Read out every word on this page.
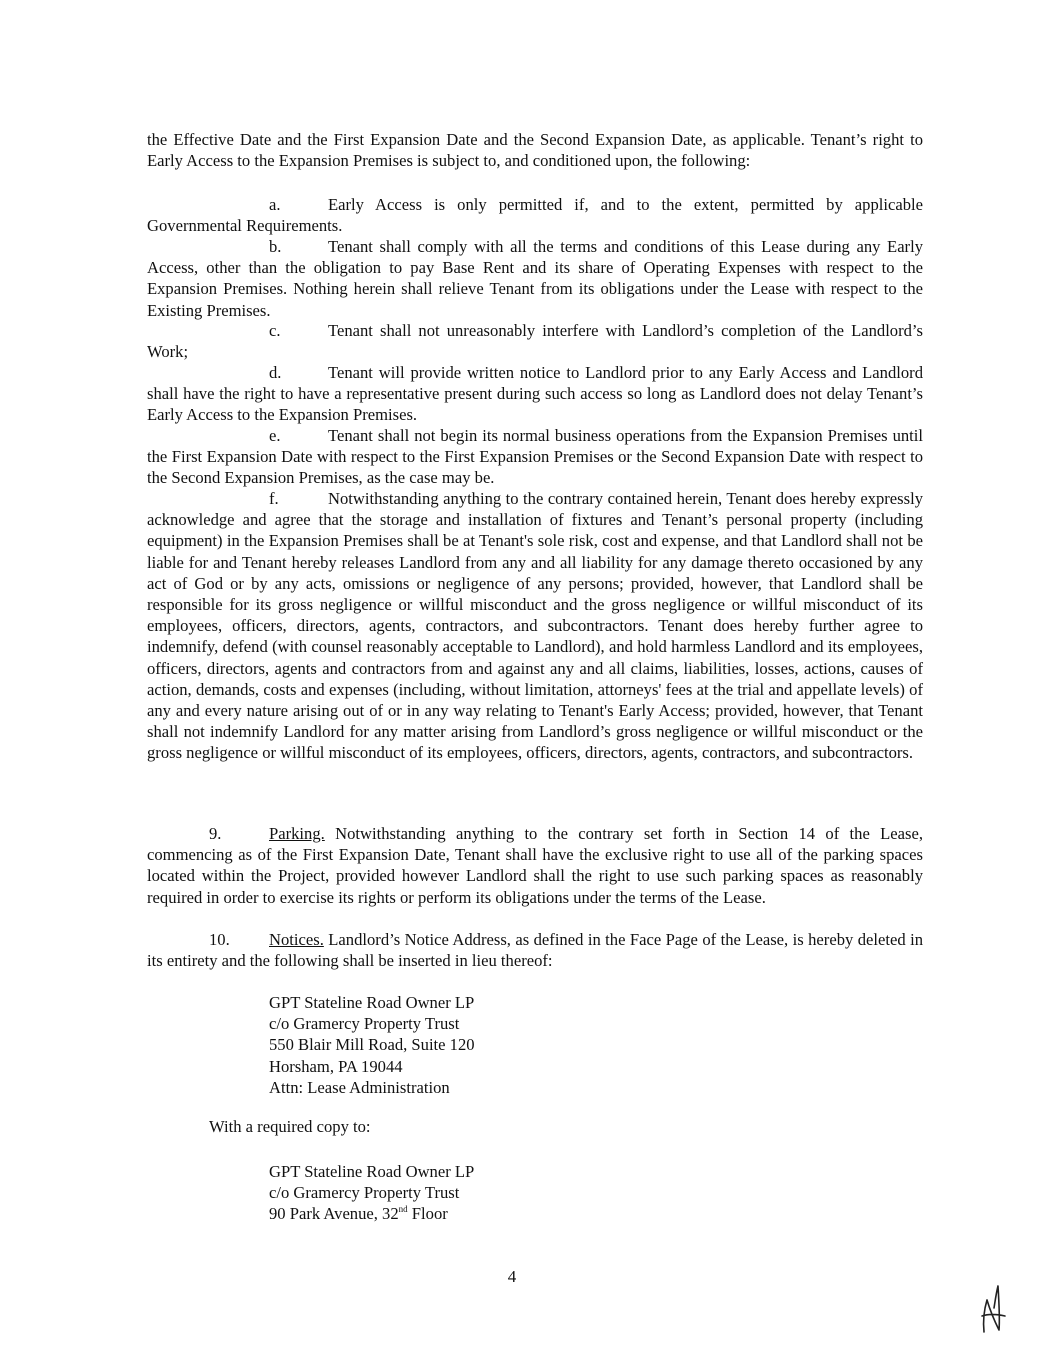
the Effective Date and the First Expansion Date and the Second Expansion Date, as applicable. Tenant’s right to Early Access to the Expansion Premises is subject to, and conditioned upon, the following:

a.	Early Access is only permitted if, and to the extent, permitted by applicable Governmental Requirements.

b.	Tenant shall comply with all the terms and conditions of this Lease during any Early Access, other than the obligation to pay Base Rent and its share of Operating Expenses with respect to the Expansion Premises. Nothing herein shall relieve Tenant from its obligations under the Lease with respect to the Existing Premises.

c.	Tenant shall not unreasonably interfere with Landlord’s completion of the Landlord’s Work;

d.	Tenant will provide written notice to Landlord prior to any Early Access and Landlord shall have the right to have a representative present during such access so long as Landlord does not delay Tenant’s Early Access to the Expansion Premises.

e.	Tenant shall not begin its normal business operations from the Expansion Premises until the First Expansion Date with respect to the First Expansion Premises or the Second Expansion Date with respect to the Second Expansion Premises, as the case may be.

f.	Notwithstanding anything to the contrary contained herein, Tenant does hereby expressly acknowledge and agree that the storage and installation of fixtures and Tenant’s personal property (including equipment) in the Expansion Premises shall be at Tenant's sole risk, cost and expense, and that Landlord shall not be liable for and Tenant hereby releases Landlord from any and all liability for any damage thereto occasioned by any act of God or by any acts, omissions or negligence of any persons; provided, however, that Landlord shall be responsible for its gross negligence or willful misconduct and the gross negligence or willful misconduct of its employees, officers, directors, agents, contractors, and subcontractors. Tenant does hereby further agree to indemnify, defend (with counsel reasonably acceptable to Landlord), and hold harmless Landlord and its employees, officers, directors, agents and contractors from and against any and all claims, liabilities, losses, actions, causes of action, demands, costs and expenses (including, without limitation, attorneys' fees at the trial and appellate levels) of any and every nature arising out of or in any way relating to Tenant's Early Access; provided, however, that Tenant shall not indemnify Landlord for any matter arising from Landlord’s gross negligence or willful misconduct or the gross negligence or willful misconduct of its employees, officers, directors, agents, contractors, and subcontractors.

9.	Parking. Notwithstanding anything to the contrary set forth in Section 14 of the Lease, commencing as of the First Expansion Date, Tenant shall have the exclusive right to use all of the parking spaces located within the Project, provided however Landlord shall the right to use such parking spaces as reasonably required in order to exercise its rights or perform its obligations under the terms of the Lease.

10. Notices. Landlord’s Notice Address, as defined in the Face Page of the Lease, is hereby deleted in its entirety and the following shall be inserted in lieu thereof:

GPT Stateline Road Owner LP
c/o Gramercy Property Trust
550 Blair Mill Road, Suite 120
Horsham, PA 19044
Attn: Lease Administration
With a required copy to:
GPT Stateline Road Owner LP
c/o Gramercy Property Trust
90 Park Avenue, 32nd Floor
4
